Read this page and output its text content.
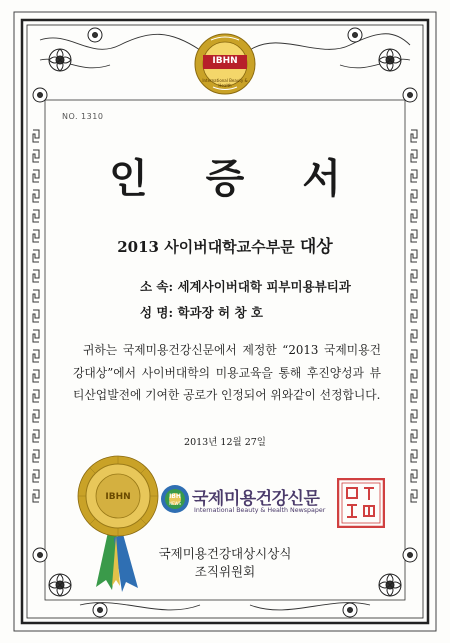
IBHN
International Beauty & Health
NO. 1310
인 증 서
2013 사이버대학교수부문 대상
소 속: 세계사이버대학 피부미용뷰티과
성 명: 학과장 허 창 호
귀하는 국제미용건강신문에서 제정한 “2013 국제미용건강대상”에서 사이버대학의 미용교육을 통해 후진양성과 뷰티산업발전에 기여한 공로가 인정되어 위와같이 선정합니다.
2013년 12월 27일
IBHN	IBH
NEWS 국제미용건강신문
International Beauty & Health Newspaper
국제미용건강대상시상식
조직위원회
